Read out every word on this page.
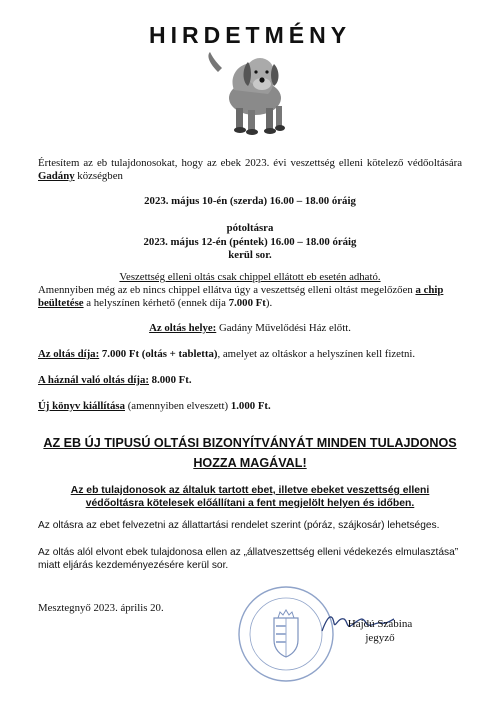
HIRDETMÉNY
Értesítem az eb tulajdonosokat, hogy az ebek 2023. évi veszettség elleni kötelező védőoltására Gadány községben
2023. május 10-én (szerda) 16.00 – 18.00 óráig
pótoltásra
2023. május 12-én (péntek) 16.00 – 18.00 óráig
kerül sor.
Veszettség elleni oltás csak chippel ellátott eb esetén adható.
Amennyiben még az eb nincs chippel ellátva úgy a veszettség elleni oltást megelőzően a chip beültetése a helyszínen kérhető (ennek díja 7.000 Ft).
Az oltás helye: Gadány Művelődési Ház előtt.
Az oltás díja: 7.000 Ft (oltás + tabletta), amelyet az oltáskor a helyszínen kell fizetni.
A háznál való oltás díja: 8.000 Ft.
Új könyv kiállítása (amennyiben elveszett) 1.000 Ft.
AZ EB ÚJ TIPUSÚ OLTÁSI BIZONYÍTVÁNYÁT MINDEN TULAJDONOS HOZZA MAGÁVAL!
Az eb tulajdonosok az általuk tartott ebet, illetve ebeket veszettség elleni védőoltásra kötelesek előállítani a fent megjelölt helyen és időben.
Az oltásra az ebet felvezetni az állattartási rendelet szerint (póráz, szájkosár) lehetséges.
Az oltás alól elvont ebek tulajdonosa ellen az „állatveszettség elleni védekezés elmulasztása” miatt eljárás kezdeményezésére kerül sor.
Mesztegnyő 2023. április 20.
Hajdú Szabina
jegyző
